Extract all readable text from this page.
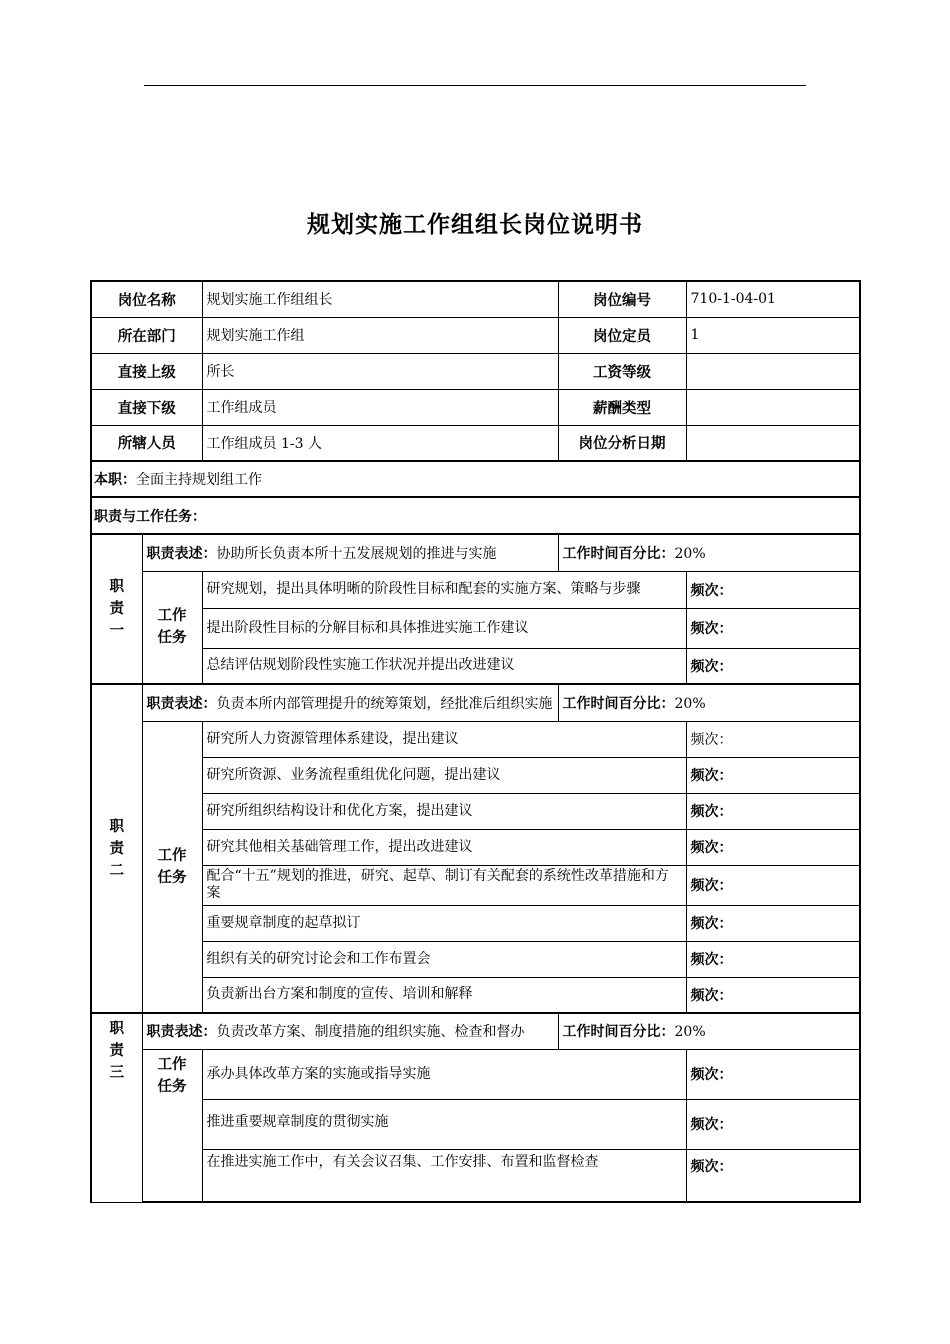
规划实施工作组组长岗位说明书
岗位名称		规划实施工作组组长	岗位编号	710-1-04-01
所在部门		规划实施工作组	岗位定员	1
直接上级		所长	工资等级	
直接下级		工作组成员	薪酬类型	
所辖人员		工作组成员 1-3 人	岗位分析日期	
本职：全面主持规划组工作				
职责与工作任务：				
职
责
一	职责表述：协助所长负责本所十五发展规划的推进与实施		工作时间百分比：20%	
	工作
任务	研究规划，提出具体明晰的阶段性目标和配套的实施方案、策略与步骤		频次：
		提出阶段性目标的分解目标和具体推进实施工作建议		频次：
		总结评估规划阶段性实施工作状况并提出改进建议		频次：
职
责
二	职责表述：负责本所内部管理提升的统筹策划，经批准后组织实施		工作时间百分比：20%	
	工作
任务	研究所人力资源管理体系建设，提出建议		频次：
		研究所资源、业务流程重组优化问题，提出建议		频次：
		研究所组织结构设计和优化方案，提出建议		频次：
		研究其他相关基础管理工作，提出改进建议		频次：
		配合“十五”规划的推进，研究、起草、制订有关配套的系统性改革措施和方案		频次：
		重要规章制度的起草拟订		频次：
		组织有关的研究讨论会和工作布置会		频次：
		负责新出台方案和制度的宣传、培训和解释		频次：
职
责
三	职责表述：负责改革方案、制度措施的组织实施、检查和督办		工作时间百分比：20%	
	工作
任务	承办具体改革方案的实施或指导实施		频次：
		推进重要规章制度的贯彻实施		频次：
		在推进实施工作中，有关会议召集、工作安排、布置和监督检查		频次：
